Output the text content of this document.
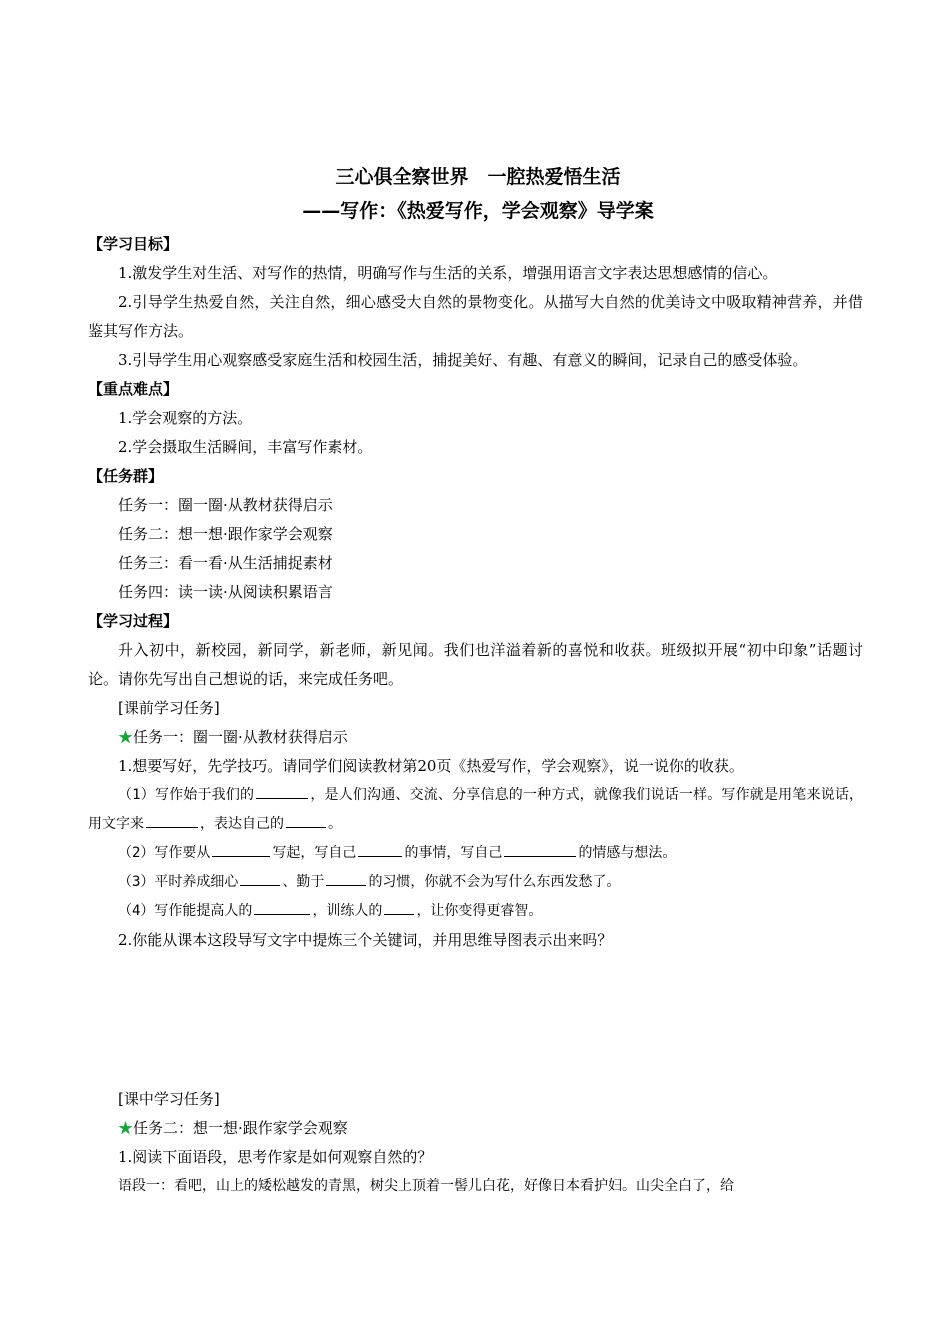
三心俱全察世界　一腔热爱悟生活
——写作：《热爱写作，学会观察》导学案
【学习目标】
1.激发学生对生活、对写作的热情，明确写作与生活的关系，增强用语言文字表达思想感情的信心。
2.引导学生热爱自然，关注自然，细心感受大自然的景物变化。从描写大自然的优美诗文中吸取精神营养，并借鉴其写作方法。
3.引导学生用心观察感受家庭生活和校园生活，捕捉美好、有趣、有意义的瞬间，记录自己的感受体验。
【重点难点】
1.学会观察的方法。
2.学会摄取生活瞬间，丰富写作素材。
【任务群】
任务一：圈一圈·从教材获得启示
任务二：想一想·跟作家学会观察
任务三：看一看·从生活捕捉素材
任务四：读一读·从阅读积累语言
【学习过程】
升入初中，新校园，新同学，新老师，新见闻。我们也洋溢着新的喜悦和收获。班级拟开展“初中印象”话题讨论。请你先写出自己想说的话，来完成任务吧。
[课前学习任务]
★任务一：圈一圈·从教材获得启示
1.想要写好，先学技巧。请同学们阅读教材第20页《热爱写作，学会观察》，说一说你的收获。
（1）写作始于我们的	，是人们沟通、交流、分享信息的一种方式，就像我们说话一样。写作就是用笔来说话，用文字来	，表达自己的	。
（2）写作要从	写起，写自己	的事情，写自己	的情感与想法。
（3）平时养成细心	、勤于	的习惯，你就不会为写什么东西发愁了。
（4）写作能提高人的	，训练人的 ，让你变得更睿智。
2.你能从课本这段导写文字中提炼三个关键词，并用思维导图表示出来吗？
[课中学习任务]
★任务二：想一想·跟作家学会观察
1.阅读下面语段，思考作家是如何观察自然的？
语段一：看吧，山上的矮松越发的青黑，树尖上顶着一髻儿白花，好像日本看护妇。山尖全白了，给
